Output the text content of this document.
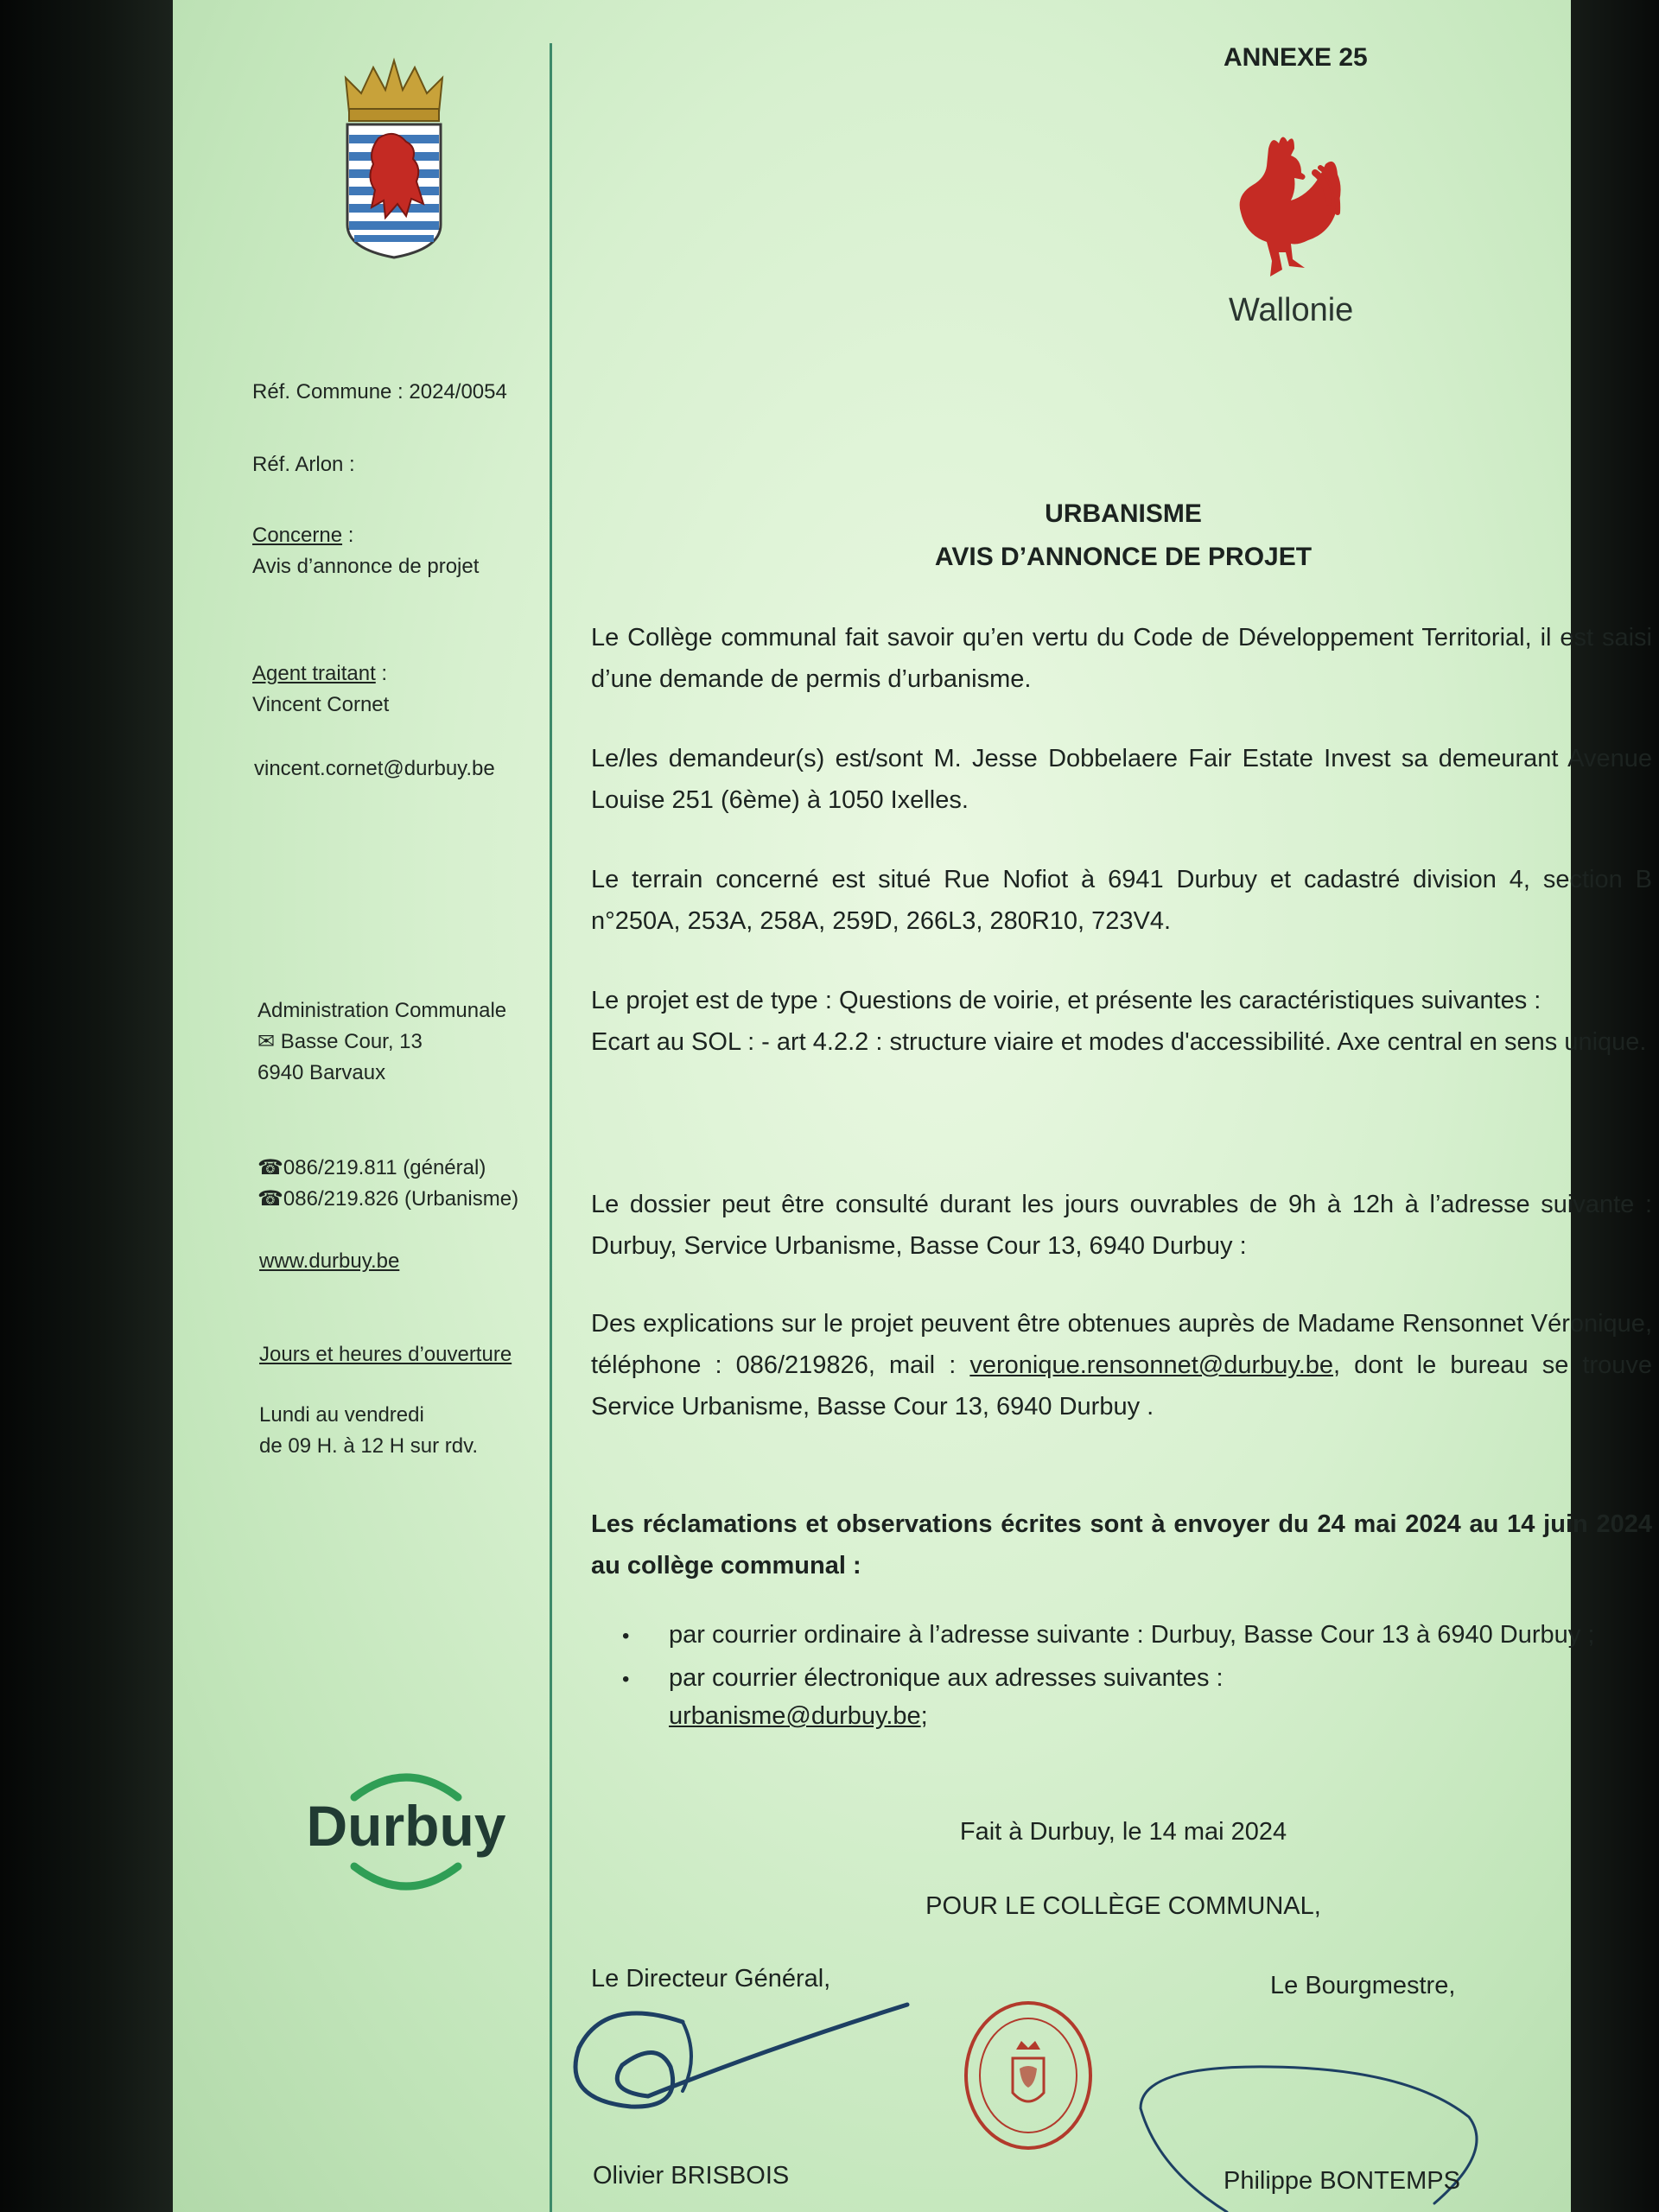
Réf. Commune : 2024/0054
Réf. Arlon :
Concerne :
Avis d’annonce de projet
Agent traitant :
Vincent Cornet
vincent.cornet@durbuy.be
Administration Communale
✉ Basse Cour, 13
6940 Barvaux
☎086/219.811 (général)
☎086/219.826 (Urbanisme)
www.durbuy.be
Jours et heures d’ouverture
Lundi au vendredi
de 09 H. à 12 H sur rdv.
Durbuy
ANNEXE 25
Wallonie
URBANISME
AVIS D’ANNONCE DE PROJET
Le Collège communal fait savoir qu’en vertu du Code de Développement Territorial, il est saisi d’une demande de permis d’urbanisme.
Le/les demandeur(s) est/sont M. Jesse Dobbelaere Fair Estate Invest sa demeurant Avenue Louise 251 (6ème) à 1050 Ixelles.
Le terrain concerné est situé Rue Nofiot à 6941 Durbuy et cadastré division 4, section B n°250A, 253A, 258A, 259D, 266L3, 280R10, 723V4.
Le projet est de type : Questions de voirie, et présente les caractéristiques suivantes :
Ecart au SOL : - art 4.2.2 : structure viaire et modes d'accessibilité. Axe central en sens unique.
Le dossier peut être consulté durant les jours ouvrables de 9h à 12h à l’adresse suivante : Durbuy, Service Urbanisme, Basse Cour 13, 6940 Durbuy :
Des explications sur le projet peuvent être obtenues auprès de Madame Rensonnet Véronique, téléphone : 086/219826, mail : veronique.rensonnet@durbuy.be, dont le bureau se trouve Service Urbanisme, Basse Cour 13, 6940 Durbuy .
Les réclamations et observations écrites sont à envoyer du 24 mai 2024 au 14 juin 2024 au collège communal :
•	par courrier ordinaire à l’adresse suivante : Durbuy, Basse Cour 13 à 6940 Durbuy ;
•	par courrier électronique aux adresses suivantes :
urbanisme@durbuy.be;
Fait à Durbuy, le 14 mai 2024
POUR LE COLLÈGE COMMUNAL,
Le Directeur Général,	Le Bourgmestre,
Olivier BRISBOIS	Philippe BONTEMPS
